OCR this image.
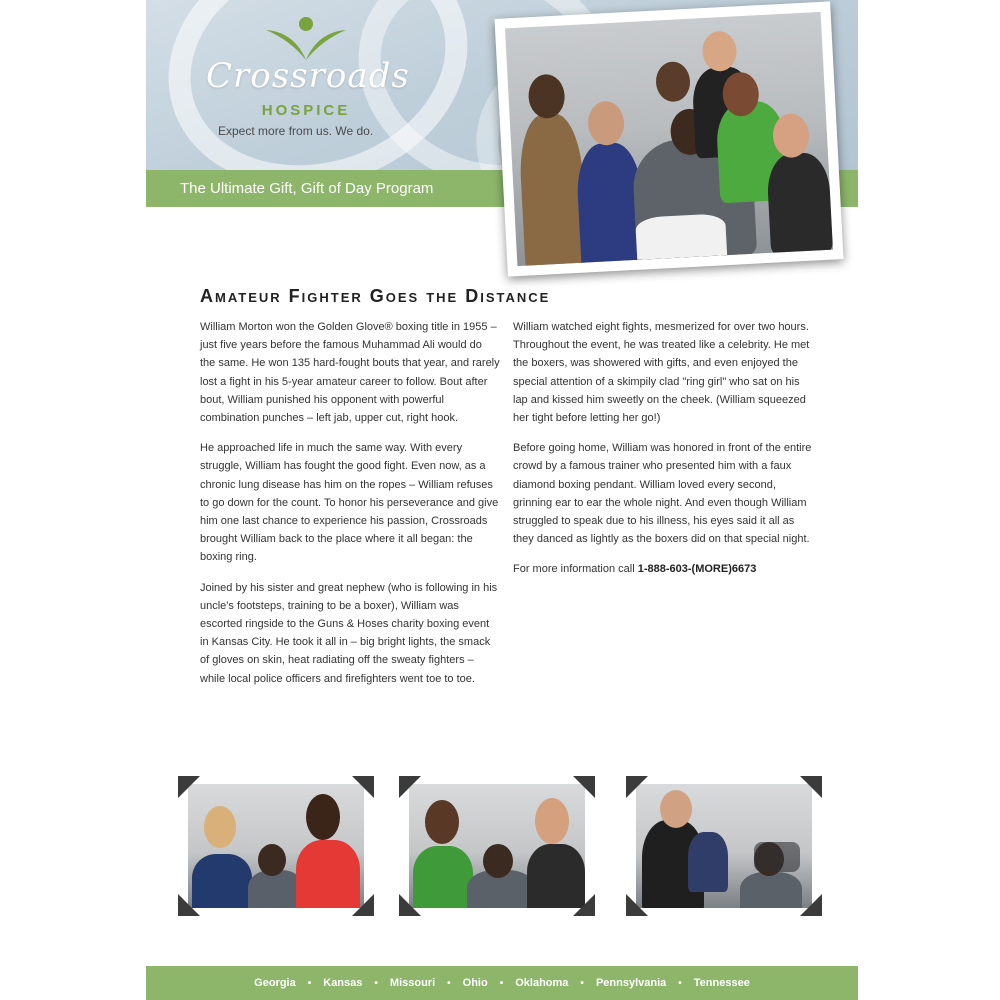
Crossroads
HOSPICE
Expect more from us. We do.
The Ultimate Gift, Gift of Day Program
Amateur Fighter Goes the Distance

William Morton won the Golden Glove® boxing title in 1955 – just five years before the famous Muhammad Ali would do the same. He won 135 hard-fought bouts that year, and rarely lost a fight in his 5-year amateur career to follow. Bout after bout, William punished his opponent with powerful combination punches – left jab, upper cut, right hook.

He approached life in much the same way. With every struggle, William has fought the good fight. Even now, as a chronic lung disease has him on the ropes – William refuses to go down for the count. To honor his perseverance and give him one last chance to experience his passion, Crossroads brought William back to the place where it all began: the boxing ring.

Joined by his sister and great nephew (who is following in his uncle's footsteps, training to be a boxer), William was escorted ringside to the Guns & Hoses charity boxing event in Kansas City. He took it all in – big bright lights, the smack of gloves on skin, heat radiating off the sweaty fighters – while local police officers and firefighters went toe to toe.

William watched eight fights, mesmerized for over two hours. Throughout the event, he was treated like a celebrity. He met the boxers, was showered with gifts, and even enjoyed the special attention of a skimpily clad "ring girl" who sat on his lap and kissed him sweetly on the cheek. (William squeezed her tight before letting her go!)

Before going home, William was honored in front of the entire crowd by a famous trainer who presented him with a faux diamond boxing pendant. William loved every second, grinning ear to ear the whole night. And even though William struggled to speak due to his illness, his eyes said it all as they danced as lightly as the boxers did on that special night.

For more information call 1-888-603-(MORE)6673

Georgia • Kansas • Missouri • Ohio • Oklahoma • Pennsylvania • Tennessee
